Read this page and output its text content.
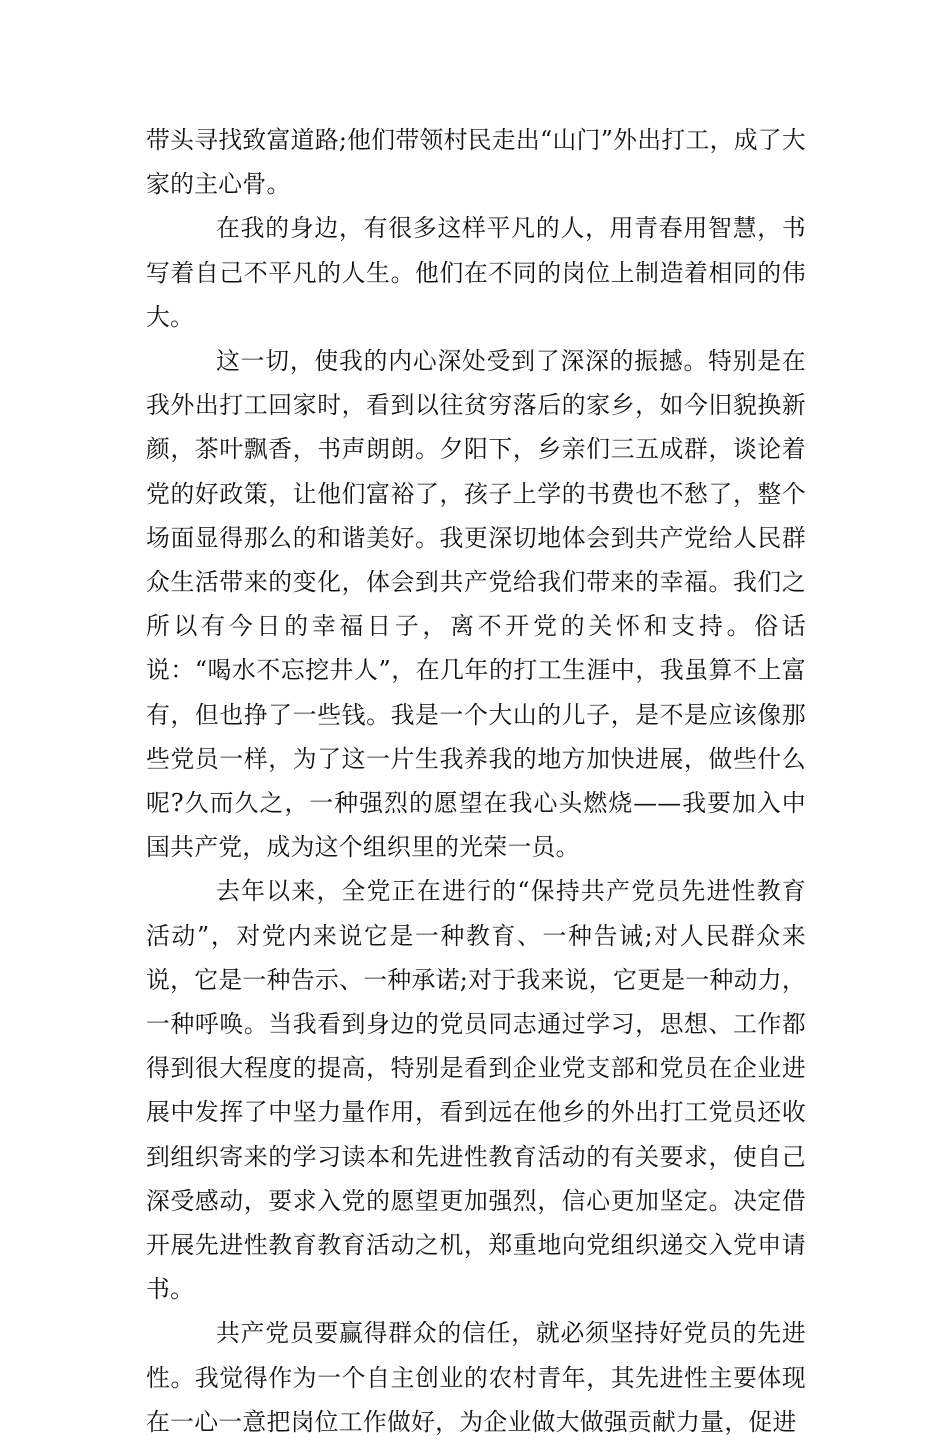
带头寻找致富道路;他们带领村民走出“山门”外出打工，成了大家的主心骨。

在我的身边，有很多这样平凡的人，用青春用智慧，书写着自己不平凡的人生。他们在不同的岗位上制造着相同的伟大。

这一切，使我的内心深处受到了深深的振撼。特别是在我外出打工回家时，看到以往贫穷落后的家乡，如今旧貌换新颜，茶叶飘香，书声朗朗。夕阳下，乡亲们三五成群，谈论着党的好政策，让他们富裕了，孩子上学的书费也不愁了，整个场面显得那么的和谐美好。我更深切地体会到共产党给人民群众生活带来的变化，体会到共产党给我们带来的幸福。我们之所以有今日的幸福日子，离不开党的关怀和支持。俗话说：“喝水不忘挖井人”，在几年的打工生涯中，我虽算不上富有，但也挣了一些钱。我是一个大山的儿子，是不是应该像那些党员一样，为了这一片生我养我的地方加快进展，做些什么呢?久而久之，一种强烈的愿望在我心头燃烧——我要加入中国共产党，成为这个组织里的光荣一员。

去年以来，全党正在进行的“保持共产党员先进性教育活动”，对党内来说它是一种教育、一种告诫;对人民群众来说，它是一种告示、一种承诺;对于我来说，它更是一种动力，一种呼唤。当我看到身边的党员同志通过学习，思想、工作都得到很大程度的提高，特别是看到企业党支部和党员在企业进展中发挥了中坚力量作用，看到远在他乡的外出打工党员还收到组织寄来的学习读本和先进性教育活动的有关要求，使自己深受感动，要求入党的愿望更加强烈，信心更加坚定。决定借开展先进性教育教育活动之机，郑重地向党组织递交入党申请书。

共产党员要赢得群众的信任，就必须坚持好党员的先进性。我觉得作为一个自主创业的农村青年，其先进性主要体现在一心一意把岗位工作做好，为企业做大做强贡献力量，促进
